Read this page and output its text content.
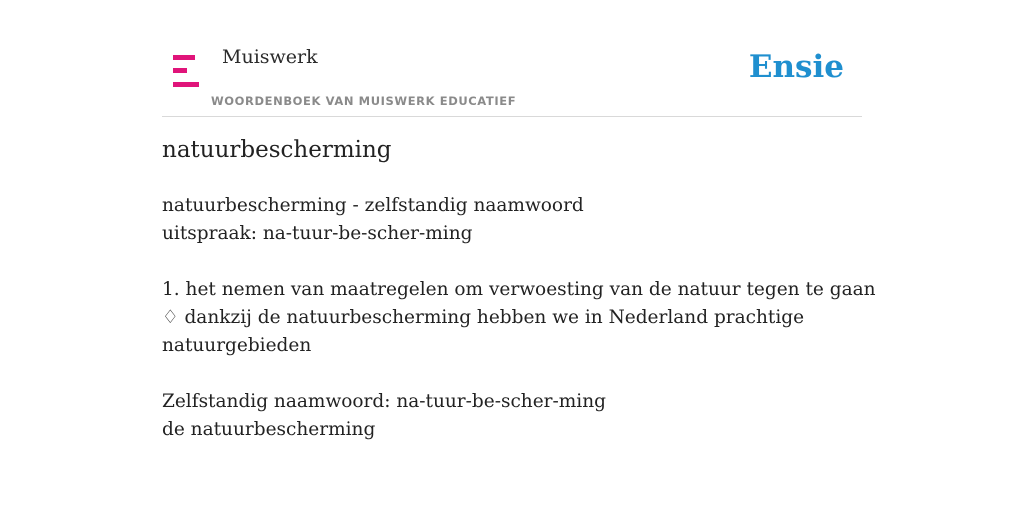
Muiswerk
WOORDENBOEK VAN MUISWERK EDUCATIEF
Ensie
natuurbescherming
natuurbescherming - zelfstandig naamwoord
uitspraak: na-tuur-be-scher-ming
1. het nemen van maatregelen om verwoesting van de natuur tegen te gaan
♢ dankzij de natuurbescherming hebben we in Nederland prachtige
natuurgebieden
Zelfstandig naamwoord: na-tuur-be-scher-ming
de natuurbescherming
